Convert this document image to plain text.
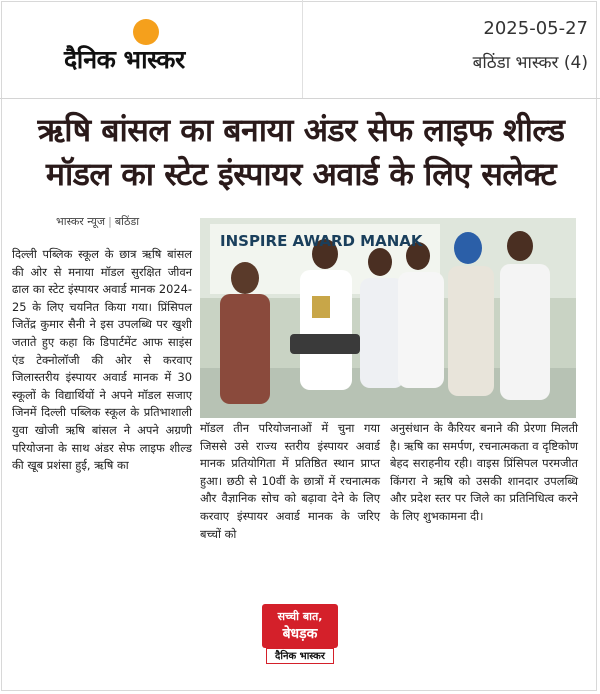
दैनिक भास्कर
2025-05-27
बठिंडा भास्कर (4)
ऋषि बांसल का बनाया अंडर सेफ लाइफ शील्ड
मॉडल का स्टेट इंस्पायर अवार्ड के लिए सलेक्ट
भास्कर न्यूज | बठिंडा
INSPIRE AWARD MANAK
दिल्ली पब्लिक स्कूल के छात्र ऋषि बांसल की ओर से मनाया मॉडल सुरक्षित जीवन ढाल का स्टेट इंस्पायर अवार्ड मानक 2024-25 के लिए चयनित किया गया। प्रिंसिपल जितेंद्र कुमार सैनी ने इस उपलब्धि पर खुशी जताते हुए कहा कि डिपार्टमेंट आफ साइंस एंड टेक्नोलॉजी की ओर से करवाए जिलास्तरीय इंस्पायर अवार्ड मानक में 30 स्कूलों के विद्यार्थियों ने अपने मॉडल सजाए जिनमें दिल्ली पब्लिक स्कूल के प्रतिभाशाली युवा खोजी ऋषि बांसल ने अपने अग्रणी परियोजना के साथ अंडर सेफ लाइफ शील्ड की खूब प्रशंसा हुई, ऋषि का
मॉडल तीन परियोजनाओं में चुना गया जिससे उसे राज्य स्तरीय इंस्पायर अवार्ड मानक प्रतियोगिता में प्रतिष्ठित स्थान प्राप्त हुआ। छठी से 10वीं के छात्रों में रचनात्मक और वैज्ञानिक सोच को बढ़ावा देने के लिए करवाए इंस्पायर अवार्ड मानक के जरिए बच्चों को
अनुसंधान के कैरियर बनाने की प्रेरणा मिलती है। ऋषि का समर्पण, रचनात्मकता व दृष्टिकोण बेहद सराहनीय रही। वाइस प्रिंसिपल परमजीत किंगरा ने ऋषि को उसकी शानदार उपलब्धि और प्रदेश स्तर पर जिले का प्रतिनिधित्व करने के लिए शुभकामना दी।
सच्ची बात,
बेधड़क
दैनिक भास्कर
